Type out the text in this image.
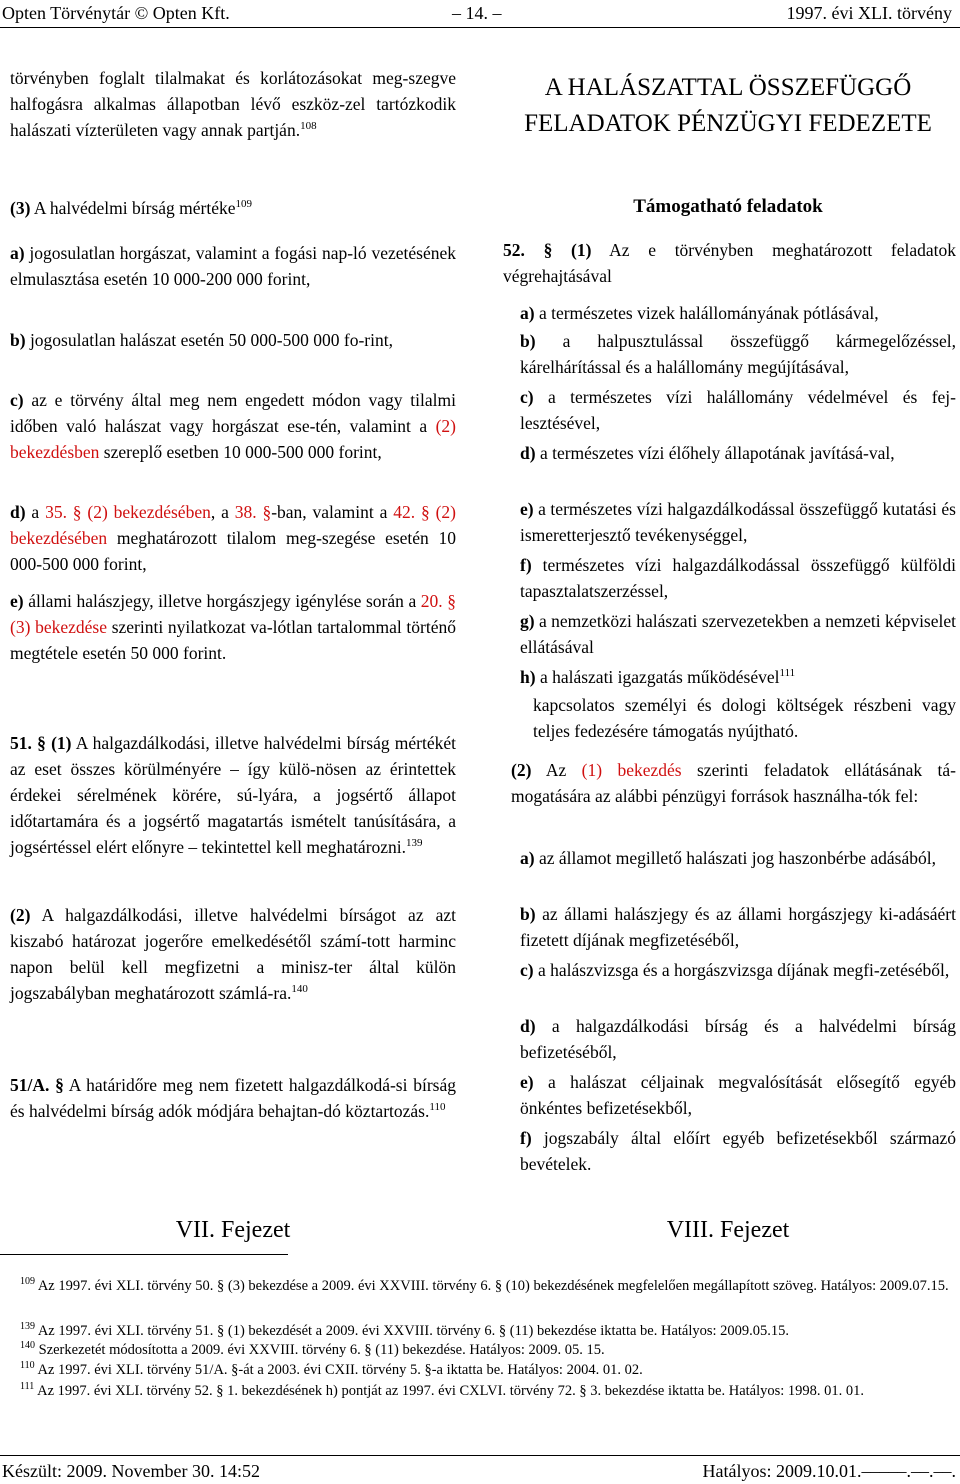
Opten Törvénytár © Opten Kft.	– 14. –	1997. évi XLI. törvény
törvényben foglalt tilalmakat és korlátozásokat meg-szegve halfogásra alkalmas állapotban lévő eszköz-zel tartózkodik halászati vízterületen vagy annak partján.$^{108}$
(3) A halvédelmi bírság mértéke$^{109}$
a) jogosulatlan horgászat, valamint a fogási nap-ló vezetésének elmulasztása esetén 10 000-200 000 forint,
b) jogosulatlan halászat esetén 50 000-500 000 fo-rint,
c) az e törvény által meg nem engedett módon vagy tilalmi időben való halászat vagy horgászat ese-tén, valamint a (2) bekezdésben szereplő esetben 10 000-500 000 forint,
d) a 35. § (2) bekezdésében, a 38. §-ban, valamint a 42. § (2) bekezdésében meghatározott tilalom meg-szegése esetén 10 000-500 000 forint,
e) állami halászjegy, illetve horgászjegy igénylése során a 20. § (3) bekezdése szerinti nyilatkozat va-lótlan tartalommal történő megtétele esetén 50 000 forint.
51. § (1) A halgazdálkodási, illetve halvédelmi bírság mértékét az eset összes körülményére – így külö-nösen az érintettek érdekei sérelmének körére, sú-lyára, a jogsértő állapot időtartamára és a jogsértő magatartás ismételt tanúsítására, a jogsértéssel elért előnyre – tekintettel kell meghatározni.$^{139}$
(2) A halgazdálkodási, illetve halvédelmi bírságot az azt kiszabó határozat jogerőre emelkedésétől számí-tott harminc napon belül kell megfizetni a minisz-ter által külön jogszabályban meghatározott számlá-ra.$^{140}$
51/A. § A határidőre meg nem fizetett halgazdálkodá-si bírság és halvédelmi bírság adók módjára behajtan-dó köztartozás.$^{110}$
VII. Fejezet
A HALÁSZATTAL ÖSSZEFÜGGŐ FELADATOK PÉNZÜGYI FEDEZETE
Támogatható feladatok
52. § (1) Az e törvényben meghatározott feladatok végrehajtásával
a) a természetes vizek halállományának pótlásával,
b) a halpusztulással összefüggő kármegelőzéssel, kárelhárítással és a halállomány megújításával,
c) a természetes vízi halállomány védelmével és fej-lesztésével,
d) a természetes vízi élőhely állapotának javításá-val,
e) a természetes vízi halgazdálkodással összefüggő kutatási és ismeretterjesztő tevékenységgel,
f) természetes vízi halgazdálkodással összefüggő külföldi tapasztalatszerzéssel,
g) a nemzetközi halászati szervezetekben a nemzeti képviselet ellátásával
h) a halászati igazgatás működésével$^{111}$
kapcsolatos személyi és dologi költségek részbeni vagy teljes fedezésére támogatás nyújtható.
(2) Az (1) bekezdés szerinti feladatok ellátásának tá-mogatására az alábbi pénzügyi források használha-tók fel:
a) az államot megillető halászati jog haszonbérbe adásából,
b) az állami halászjegy és az állami horgászjegy ki-adásáért fizetett díjának megfizetéséből,
c) a halászvizsga és a horgászvizsga díjának megfi-zetéséből,
d) a halgazdálkodási bírság és a halvédelmi bírság befizetéséből,
e) a halászat céljainak megvalósítását elősegítő egyéb önkéntes befizetésekből,
f) jogszabály által előírt egyéb befizetésekből származó bevételek.
VIII. Fejezet
$^{109}$ Az 1997. évi XLI. törvény 50. § (3) bekezdése a 2009. évi XXVIII. törvény 6. § (10) bekezdésének megfelelően megállapított szöveg. Hatályos: 2009.07.15.
$^{139}$ Az 1997. évi XLI. törvény 51. § (1) bekezdését a 2009. évi XXVIII. törvény 6. § (11) bekezdése iktatta be. Hatályos: 2009.05.15.
$^{140}$ Szerkezetét módosította a 2009. évi XXVIII. törvény 6. § (11) bekezdése. Hatályos: 2009. 05. 15.
$^{110}$ Az 1997. évi XLI. törvény 51/A. §-át a 2003. évi CXII. törvény 5. §-a iktatta be. Hatályos: 2004. 01. 02.
$^{111}$ Az 1997. évi XLI. törvény 52. § 1. bekezdésének h) pontját az 1997. évi CXLVI. törvény 72. § 3. bekezdése iktatta be. Hatályos: 1998. 01. 01.
Készült: 2009. November 30. 14:52	Hatályos: 2009.10.01.–––––.––.––.
